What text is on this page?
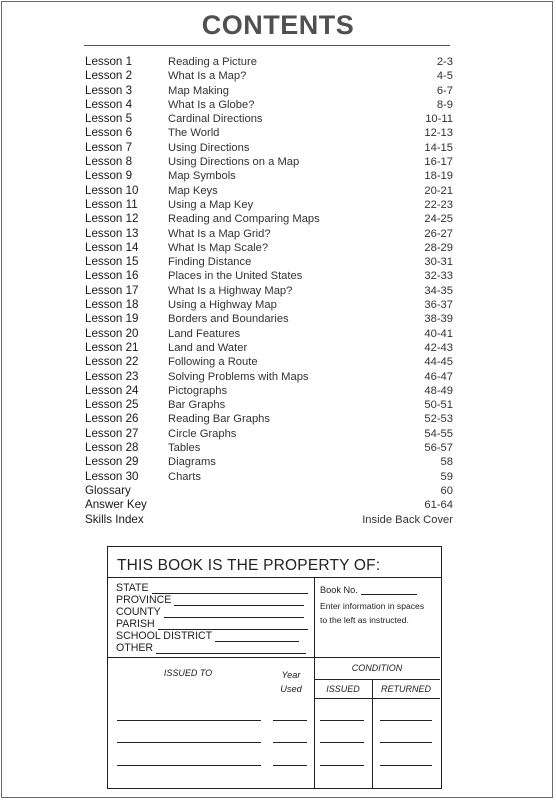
CONTENTS
Lesson 1	Reading a Picture	2-3
Lesson 2	What Is a Map?	4-5
Lesson 3	Map Making	6-7
Lesson 4	What Is a Globe?	8-9
Lesson 5	Cardinal Directions	10-11
Lesson 6	The World	12-13
Lesson 7	Using Directions	14-15
Lesson 8	Using Directions on a Map	16-17
Lesson 9	Map Symbols	18-19
Lesson 10	Map Keys	20-21
Lesson 11	Using a Map Key	22-23
Lesson 12	Reading and Comparing Maps	24-25
Lesson 13	What Is a Map Grid?	26-27
Lesson 14	What Is Map Scale?	28-29
Lesson 15	Finding Distance	30-31
Lesson 16	Places in the United States	32-33
Lesson 17	What Is a Highway Map?	34-35
Lesson 18	Using a Highway Map	36-37
Lesson 19	Borders and Boundaries	38-39
Lesson 20	Land Features	40-41
Lesson 21	Land and Water	42-43
Lesson 22	Following a Route	44-45
Lesson 23	Solving Problems with Maps	46-47
Lesson 24	Pictographs	48-49
Lesson 25	Bar Graphs	50-51
Lesson 26	Reading Bar Graphs	52-53
Lesson 27	Circle Graphs	54-55
Lesson 28	Tables	56-57
Lesson 29	Diagrams	58
Lesson 30	Charts	59
Glossary	60
Answer Key	61-64
Skills Index	Inside Back Cover
THIS BOOK IS THE PROPERTY OF:
STATE
PROVINCE
COUNTY
PARISH
SCHOOL DISTRICT
OTHER
Book No.
Enter information in spaces to the left as instructed.
ISSUED TO	Year Used
CONDITION
ISSUED	RETURNED
